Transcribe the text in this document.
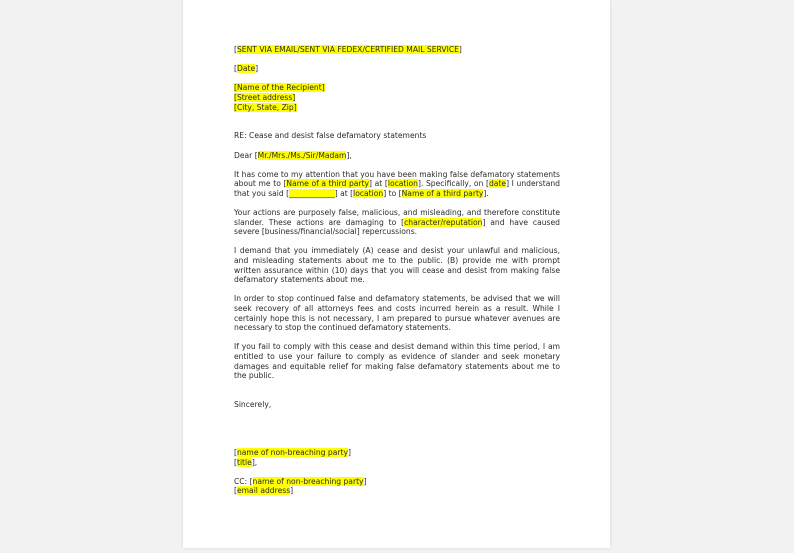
[SENT VIA EMAIL/SENT VIA FEDEX/CERTIFIED MAIL SERVICE]

[Date]

[Name of the Recipient]

[Street address]

[City, State, Zip]

RE: Cease and desist false defamatory statements

Dear [Mr./Mrs./Ms./Sir/Madam],

It has come to my attention that you have been making false defamatory statements about me to [Name of a third party] at [location]. Specifically, on [date] I understand that you said [____________] at [location] to [Name of a third party].

Your actions are purposely false, malicious, and misleading, and therefore constitute slander. These actions are damaging to [character/reputation] and have caused severe [business/financial/social] repercussions.

I demand that you immediately (A) cease and desist your unlawful and malicious, and misleading statements about me to the public. (B) provide me with prompt written assurance within (10) days that you will cease and desist from making false defamatory statements about me.

In order to stop continued false and defamatory statements, be advised that we will seek recovery of all attorneys fees and costs incurred herein as a result. While I certainly hope this is not necessary, I am prepared to pursue whatever avenues are necessary to stop the continued defamatory statements.

If you fail to comply with this cease and desist demand within this time period, I am entitled to use your failure to comply as evidence of slander and seek monetary damages and equitable relief for making false defamatory statements about me to the public.

Sincerely,

[name of non-breaching party]

[title],

CC: [name of non-breaching party]

[email address]
